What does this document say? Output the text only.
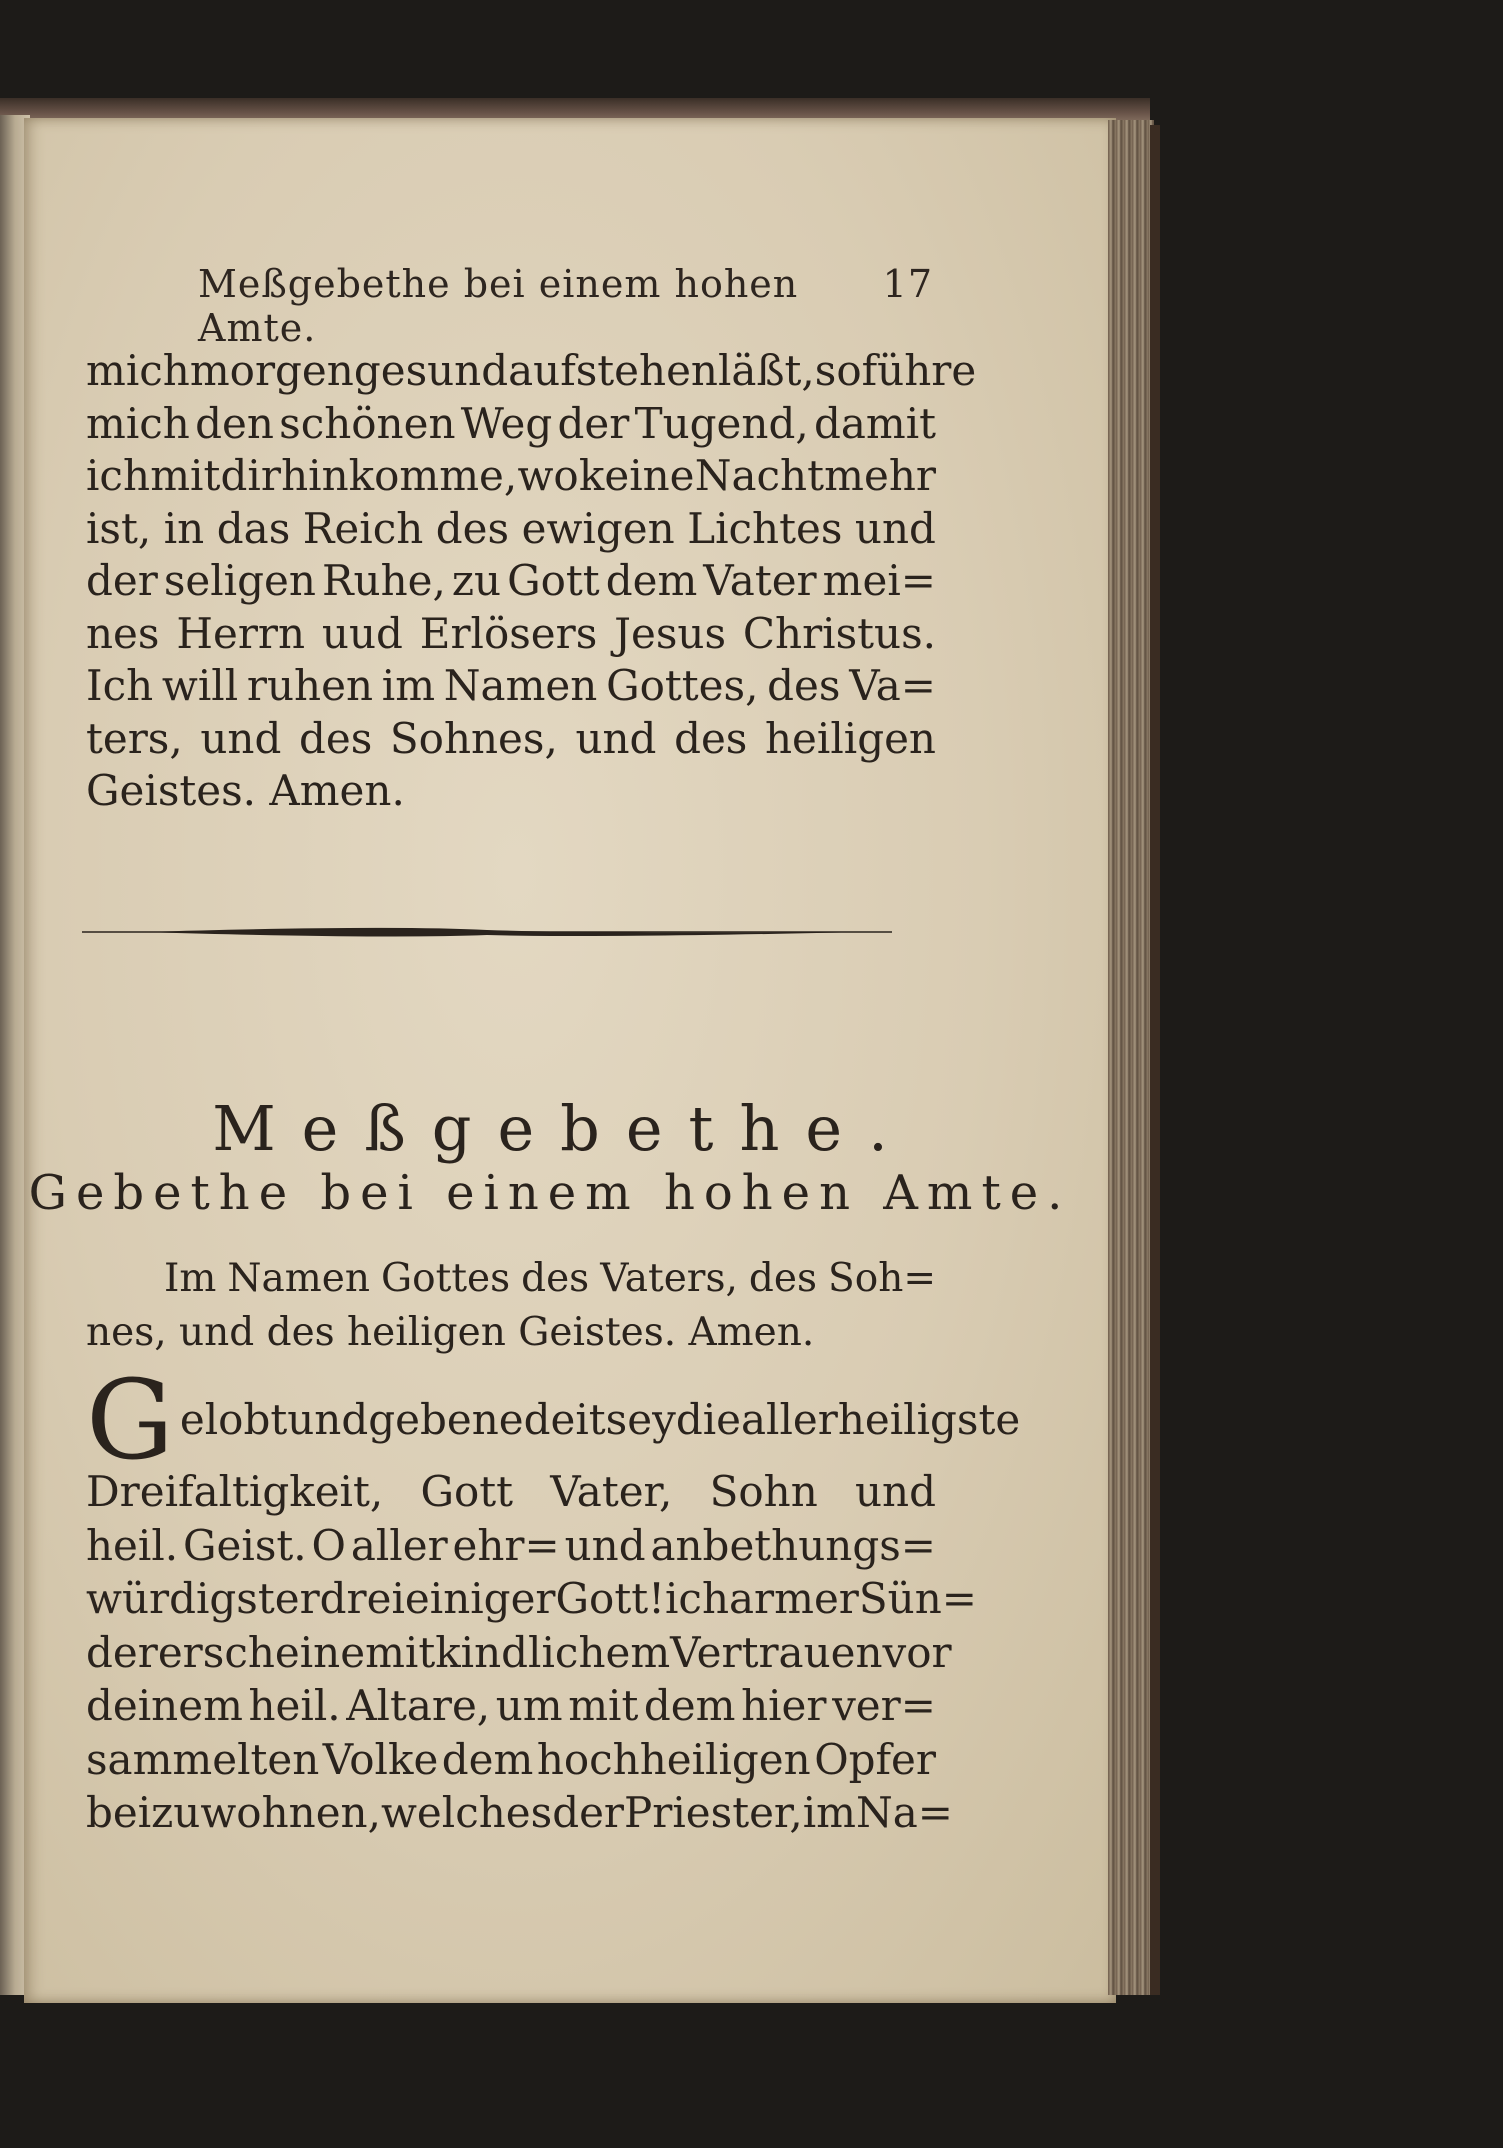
Meßgebethe bei einem hohen Amte.
17
mich morgen gesund aufstehen läßt, so führe
mich den schönen Weg der Tugend, damit
ich mit dir hinkomme, wo keine Nacht mehr
ist, in das Reich des ewigen Lichtes und
der seligen Ruhe, zu Gott dem Vater mei=
nes Herrn uud Erlösers Jesus Christus.
Ich will ruhen im Namen Gottes, des Va=
ters, und des Sohnes, und des heiligen
Geistes. Amen.
Meßgebethe.
Gebethe bei einem hohen Amte.
Im Namen Gottes des Vaters, des Soh=
nes, und des heiligen Geistes. Amen.
G elobt und gebenedeit sey die allerheiligste
Dreifaltigkeit, Gott Vater, Sohn und
heil. Geist. O aller ehr= und anbethungs=
würdigster dreieiniger Gott! ich armer Sün=
der erscheine mit kindlichem Vertrauen vor
deinem heil. Altare, um mit dem hier ver=
sammelten Volke dem hochheiligen Opfer
beizuwohnen, welches der Priester, im Na=
